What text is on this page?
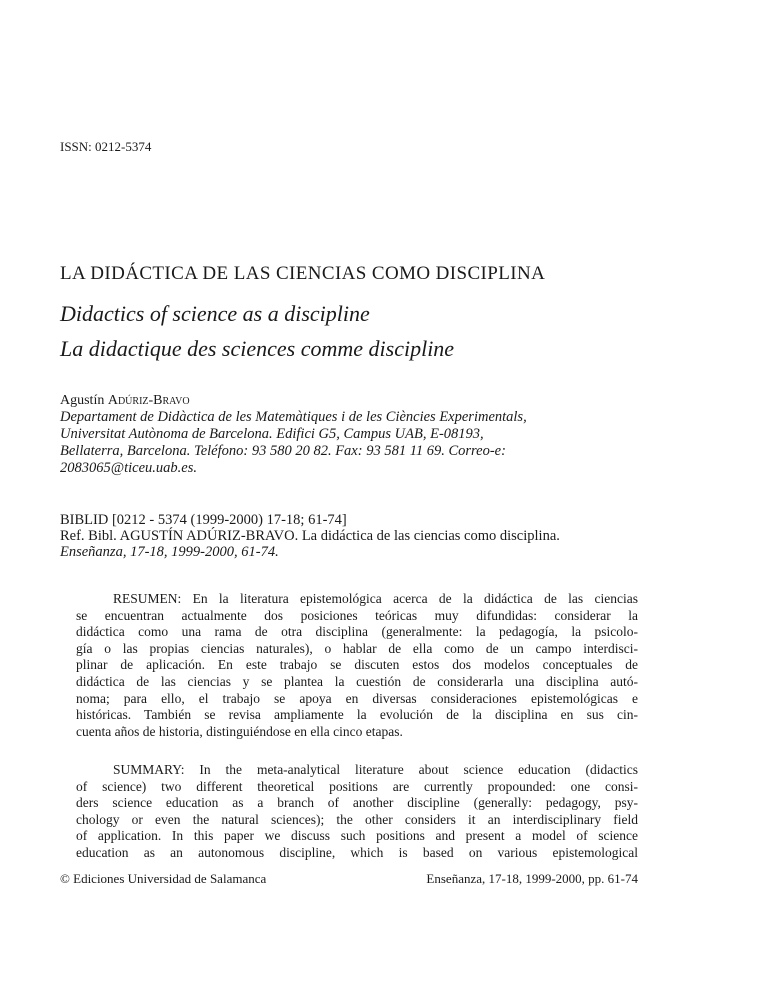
ISSN: 0212-5374
LA DIDÁCTICA DE LAS CIENCIAS COMO DISCIPLINA
Didactics of science as a discipline
La didactique des sciences comme discipline
Agustín Adúriz-Bravo
Departament de Didàctica de les Matemàtiques i de les Ciències Experimentals,
Universitat Autònoma de Barcelona. Edifici G5, Campus UAB, E-08193,
Bellaterra, Barcelona. Teléfono: 93 580 20 82. Fax: 93 581 11 69. Correo-e:
2083065@ticeu.uab.es.
BIBLID [0212 - 5374 (1999-2000) 17-18; 61-74]
Ref. Bibl. AGUSTÍN ADÚRIZ-BRAVO. La didáctica de las ciencias como disciplina.
Enseñanza, 17-18, 1999-2000, 61-74.
RESUMEN: En la literatura epistemológica acerca de la didáctica de las ciencias
se encuentran actualmente dos posiciones teóricas muy difundidas: considerar la
didáctica como una rama de otra disciplina (generalmente: la pedagogía, la psicolo-
gía o las propias ciencias naturales), o hablar de ella como de un campo interdisci-
plinar de aplicación. En este trabajo se discuten estos dos modelos conceptuales de
didáctica de las ciencias y se plantea la cuestión de considerarla una disciplina autó-
noma; para ello, el trabajo se apoya en diversas consideraciones epistemológicas e
históricas. También se revisa ampliamente la evolución de la disciplina en sus cin-
cuenta años de historia, distinguiéndose en ella cinco etapas.
SUMMARY: In the meta-analytical literature about science education (didactics
of science) two different theoretical positions are currently propounded: one consi-
ders science education as a branch of another discipline (generally: pedagogy, psy-
chology or even the natural sciences); the other considers it an interdisciplinary field
of application. In this paper we discuss such positions and present a model of science
education as an autonomous discipline, which is based on various epistemological
© Ediciones Universidad de Salamanca	Enseñanza, 17-18, 1999-2000, pp. 61-74
